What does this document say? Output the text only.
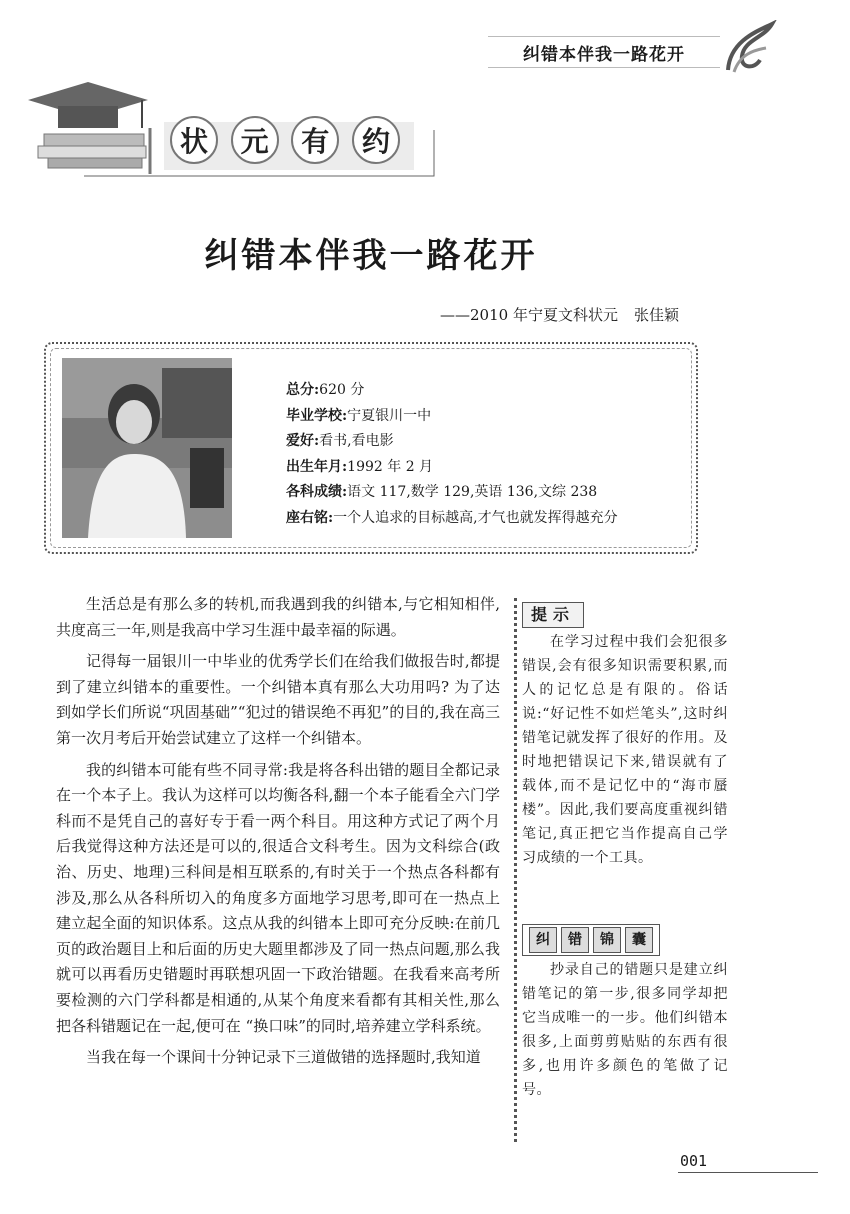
纠错本伴我一路花开
状	元	有	约
纠错本伴我一路花开
——2010 年宁夏文科状元 张佳颖
总分:620 分
毕业学校:宁夏银川一中
爱好:看书,看电影
出生年月:1992 年 2 月
各科成绩:语文 117,数学 129,英语 136,文综 238
座右铭:一个人追求的目标越高,才气也就发挥得越充分

生活总是有那么多的转机,而我遇到我的纠错本,与它相知相伴,共度高三一年,则是我高中学习生涯中最幸福的际遇。

记得每一届银川一中毕业的优秀学长们在给我们做报告时,都提到了建立纠错本的重要性。一个纠错本真有那么大功用吗? 为了达到如学长们所说“巩固基础”“犯过的错误绝不再犯”的目的,我在高三第一次月考后开始尝试建立了这样一个纠错本。

我的纠错本可能有些不同寻常:我是将各科出错的题目全都记录在一个本子上。我认为这样可以均衡各科,翻一个本子能看全六门学科而不是凭自己的喜好专于看一两个科目。用这种方式记了两个月后我觉得这种方法还是可以的,很适合文科考生。因为文科综合(政治、历史、地理)三科间是相互联系的,有时关于一个热点各科都有涉及,那么从各科所切入的角度多方面地学习思考,即可在一热点上建立起全面的知识体系。这点从我的纠错本上即可充分反映:在前几页的政治题目上和后面的历史大题里都涉及了同一热点问题,那么我就可以再看历史错题时再联想巩固一下政治错题。在我看来高考所要检测的六门学科都是相通的,从某个角度来看都有其相关性,那么把各科错题记在一起,便可在 “换口味”的同时,培养建立学科系统。

当我在每一个课间十分钟记录下三道做错的选择题时,我知道

提示

在学习过程中我们会犯很多错误,会有很多知识需要积累,而人的记忆总是有限的。俗话说:“好记性不如烂笔头”,这时纠错笔记就发挥了很好的作用。及时地把错误记下来,错误就有了载体,而不是记忆中的“海市蜃楼”。因此,我们要高度重视纠错笔记,真正把它当作提高自己学习成绩的一个工具。

纠	错	锦	囊

抄录自己的错题只是建立纠错笔记的第一步,很多同学却把它当成唯一的一步。他们纠错本很多,上面剪剪贴贴的东西有很多,也用许多颜色的笔做了记号。

001
